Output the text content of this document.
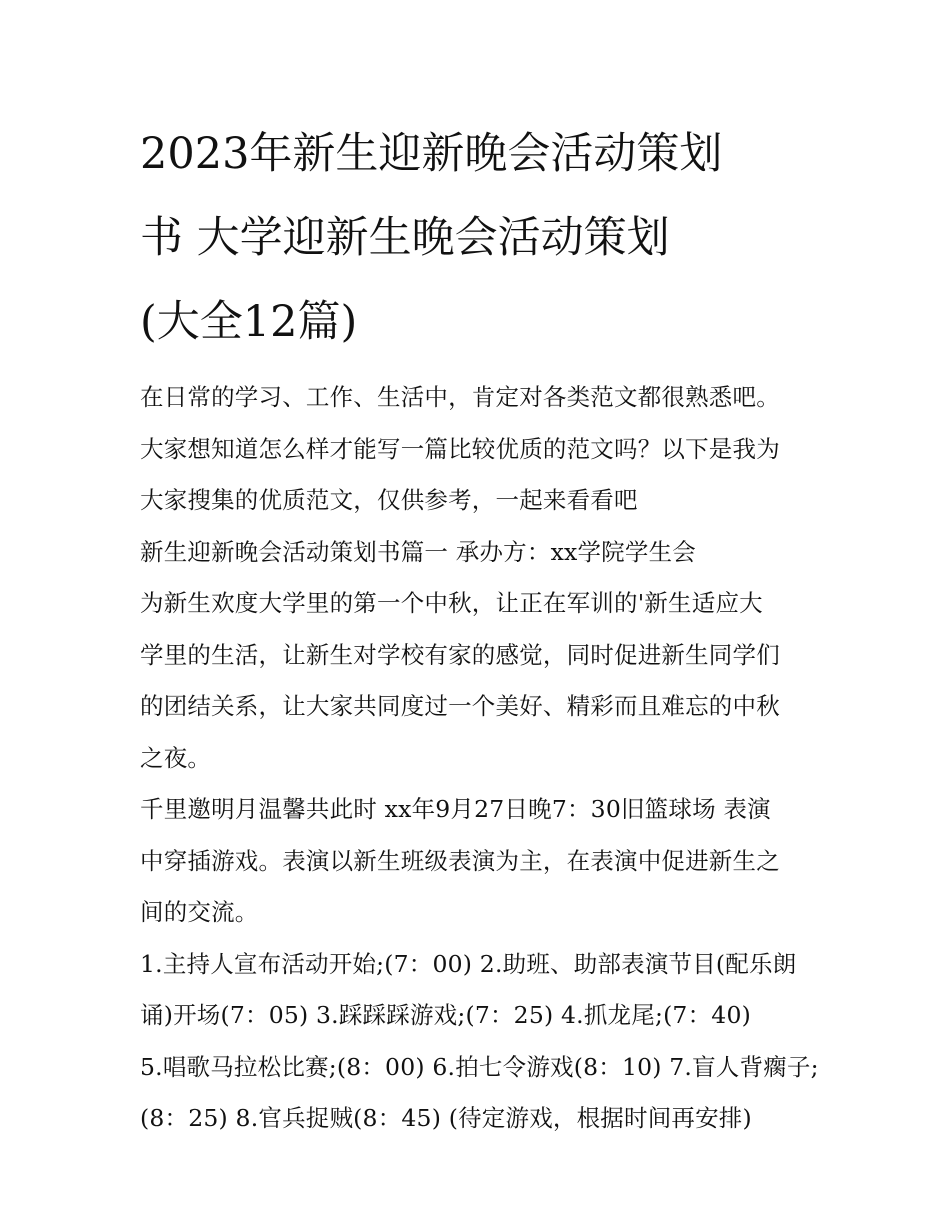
2023年新生迎新晚会活动策划
书 大学迎新生晚会活动策划
(大全12篇)

在日常的学习、工作、生活中，肯定对各类范文都很熟悉吧。
大家想知道怎么样才能写一篇比较优质的范文吗？以下是我为
大家搜集的优质范文，仅供参考，一起来看看吧

新生迎新晚会活动策划书篇一 承办方：xx学院学生会

为新生欢度大学里的第一个中秋，让正在军训的'新生适应大
学里的生活，让新生对学校有家的感觉，同时促进新生同学们
的团结关系，让大家共同度过一个美好、精彩而且难忘的中秋
之夜。

千里邀明月温馨共此时 xx年9月27日晚7：30旧篮球场 表演
中穿插游戏。表演以新生班级表演为主，在表演中促进新生之
间的交流。

1.主持人宣布活动开始;(7：00) 2.助班、助部表演节目(配乐朗
诵)开场(7：05) 3.踩踩踩游戏;(7：25) 4.抓龙尾;(7：40)
5.唱歌马拉松比赛;(8：00) 6.拍七令游戏(8：10) 7.盲人背瘸子;
(8：25) 8.官兵捉贼(8：45) (待定游戏，根据时间再安排)
